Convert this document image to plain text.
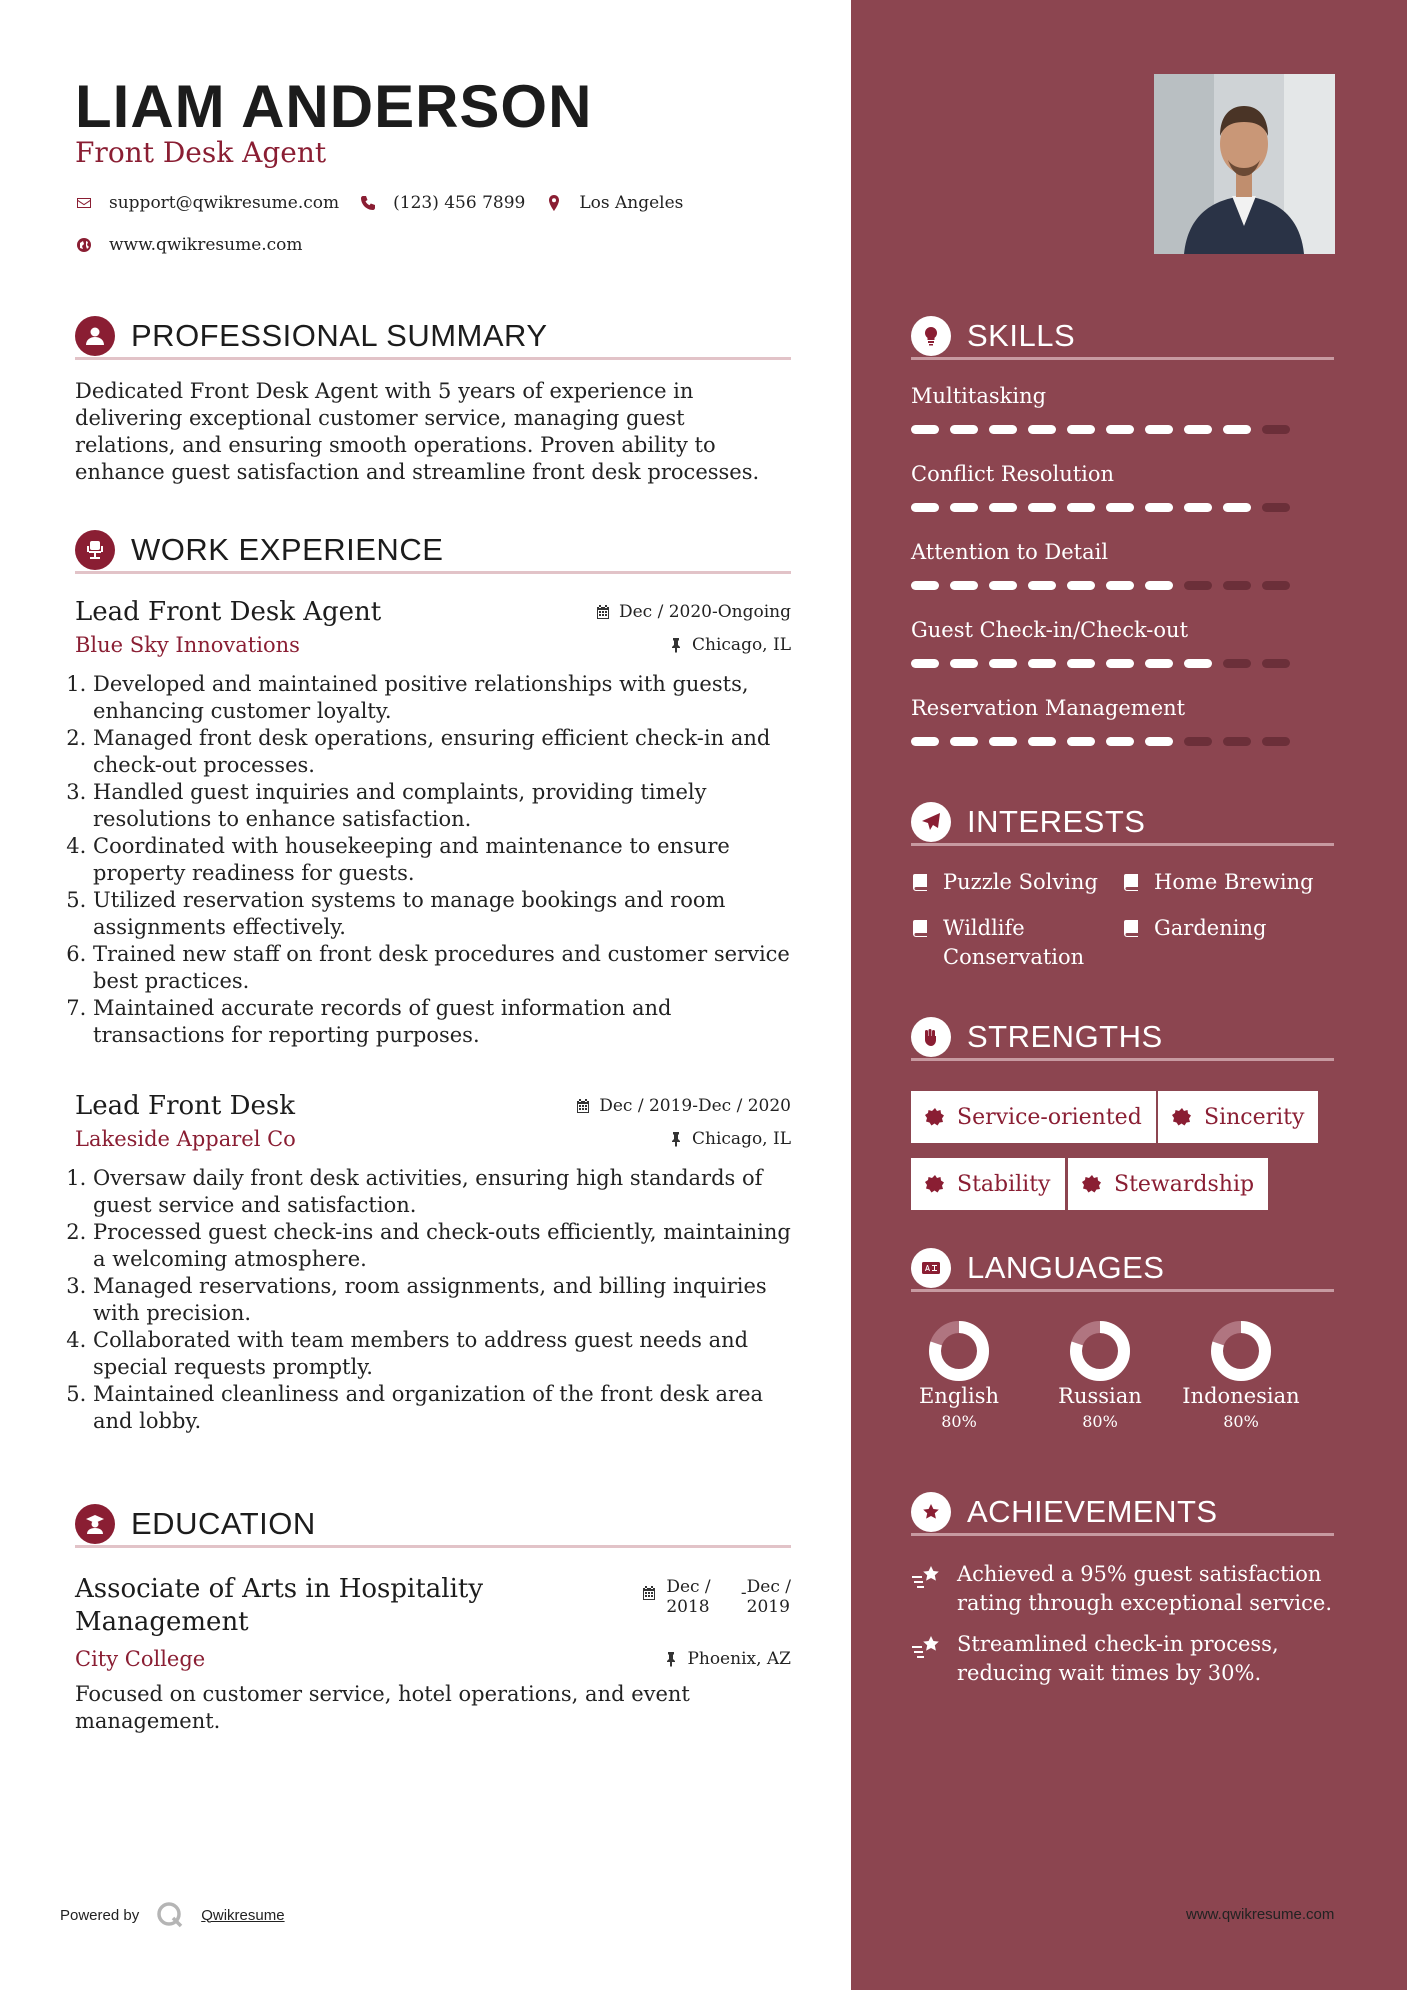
LIAM ANDERSON
Front Desk Agent
support@qwikresume.com	(123) 456 7899	Los Angeles
www.qwikresume.com
PROFESSIONAL SUMMARY
Dedicated Front Desk Agent with 5 years of experience in delivering exceptional customer service, managing guest relations, and ensuring smooth operations. Proven ability to enhance guest satisfaction and streamline front desk processes.
WORK EXPERIENCE
Lead Front Desk Agent	Dec / 2020-Ongoing
Blue Sky Innovations	Chicago, IL
1. Developed and maintained positive relationships with guests, enhancing customer loyalty.
2. Managed front desk operations, ensuring efficient check-in and check-out processes.
3. Handled guest inquiries and complaints, providing timely resolutions to enhance satisfaction.
4. Coordinated with housekeeping and maintenance to ensure property readiness for guests.
5. Utilized reservation systems to manage bookings and room assignments effectively.
6. Trained new staff on front desk procedures and customer service best practices.
7. Maintained accurate records of guest information and transactions for reporting purposes.
Lead Front Desk	Dec / 2019-Dec / 2020
Lakeside Apparel Co	Chicago, IL
1. Oversaw daily front desk activities, ensuring high standards of guest service and satisfaction.
2. Processed guest check-ins and check-outs efficiently, maintaining a welcoming atmosphere.
3. Managed reservations, room assignments, and billing inquiries with precision.
4. Collaborated with team members to address guest needs and special requests promptly.
5. Maintained cleanliness and organization of the front desk area and lobby.
EDUCATION
Associate of Arts in Hospitality Management
Dec /
2018
- Dec /
2019
City College	Phoenix, AZ
Focused on customer service, hotel operations, and event management.
SKILLS
Multitasking
Conflict Resolution
Attention to Detail
Guest Check-in/Check-out
Reservation Management
INTERESTS
Puzzle Solving	Home Brewing
Wildlife Conservation
Gardening
STRENGTHS
Service-oriented	Sincerity
Stability	Stewardship
LANGUAGES
English
80%
Russian
80%
Indonesian
80%
ACHIEVEMENTS
Achieved a 95% guest satisfaction rating through exceptional service.
Streamlined check-in process, reducing wait times by 30%.
Powered by	Qwikresume	www.qwikresume.com
